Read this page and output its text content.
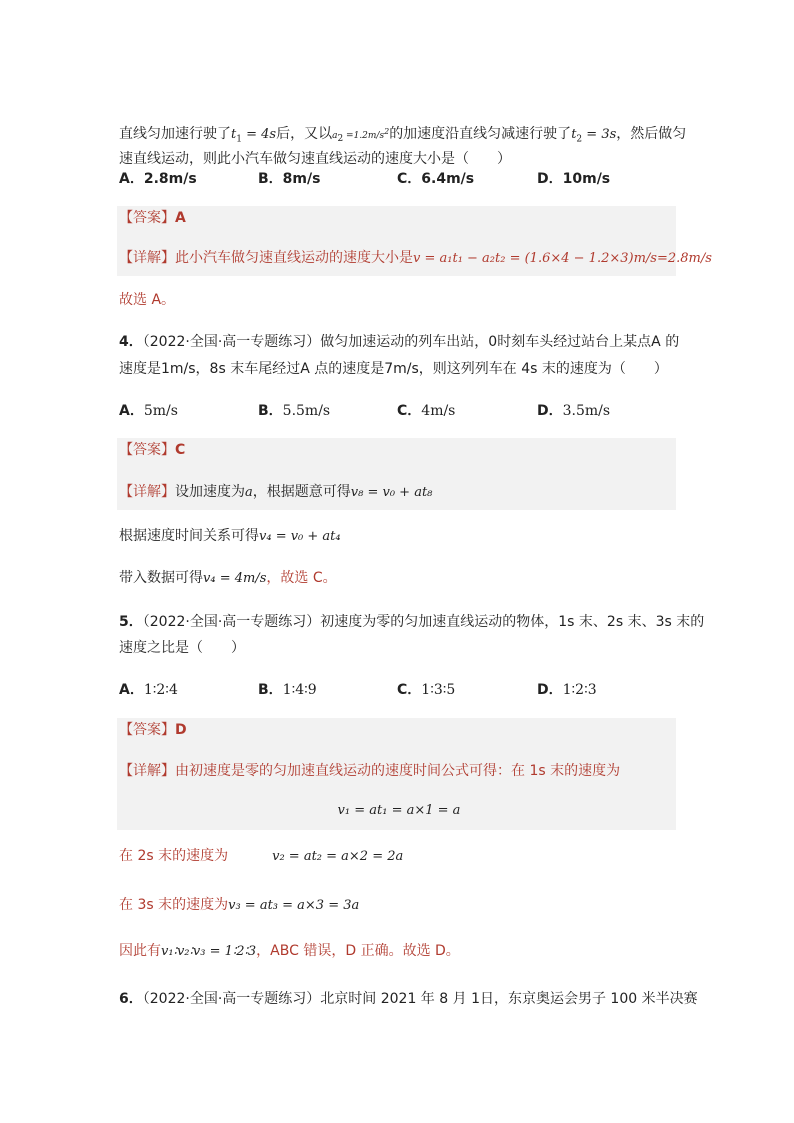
直线匀加速行驶了$t_1 = 4s$后，又以$a_2 =1.2m/s^2$的加速度沿直线匀减速行驶了$t_2 = 3s$，然后做匀
速直线运动，则此小汽车做匀速直线运动的速度大小是（　　）
A．2.8m/s	B．8m/s	C．6.4m/s	D．10m/s
【答案】A
【详解】此小汽车做匀速直线运动的速度大小是v = a₁t₁ − a₂t₂ = (1.6×4 − 1.2×3)m/s=2.8m/s
故选 A。
4．（2022·全国·高一专题练习）做匀加速运动的列车出站，0时刻车头经过站台上某点A 的
速度是1m/s，8s 末车尾经过A 点的速度是7m/s，则这列列车在 4s 末的速度为（　　）
A．5m/s	B．5.5m/s	C．4m/s	D．3.5m/s
【答案】C
【详解】设加速度为a，根据题意可得v₈ = v₀ + at₈
根据速度时间关系可得v₄ = v₀ + at₄
带入数据可得v₄ = 4m/s，故选 C。
5．（2022·全国·高一专题练习）初速度为零的匀加速直线运动的物体，1s 末、2s 末、3s 末的
速度之比是（　　）
A．1∶2∶4	B．1∶4∶9	C．1∶3∶5	D．1∶2∶3
【答案】D
【详解】由初速度是零的匀加速直线运动的速度时间公式可得：在 1s 末的速度为
v₁ = at₁ = a×1 = a
在 2s 末的速度为	v₂ = at₂ = a×2 = 2a
在 3s 末的速度为v₃ = at₃ = a×3 = 3a
因此有v₁∶v₂∶v₃ = 1∶2∶3，ABC 错误，D 正确。故选 D。
6．（2022·全国·高一专题练习）北京时间 2021 年 8 月 1日，东京奥运会男子 100 米半决赛
